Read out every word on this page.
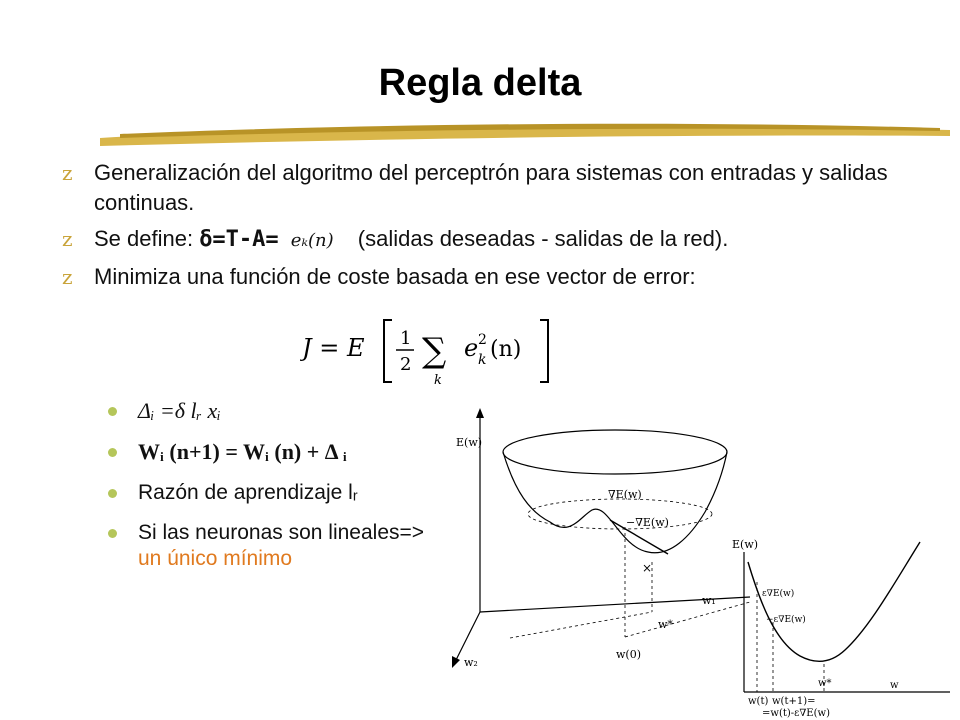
Regla delta
z Generalización del algoritmo del perceptrón para sistemas con entradas y salidas continuas.
z Se define: δ=T-A= eₖ(n) (salidas deseadas - salidas de la red).
z Minimiza una función de coste basada en ese vector de error:
J = E 1
2 ∑
k
e 2
k (n)
Δᵢ =δ lᵣ xᵢ
Wᵢ (n+1) = Wᵢ (n) + Δ ᵢ
Razón de aprendizaje lᵣ
Si las neuronas son lineales=> un único mínimo
E(w)
∇E(w)
−∇E(w)
×
w₁
w₂
w*
w(0)
E(w)
ε∇E(w)
−ε∇E(w)
w(t) w(t+1)=
=w(t)-ε∇E(w)
w*	w
